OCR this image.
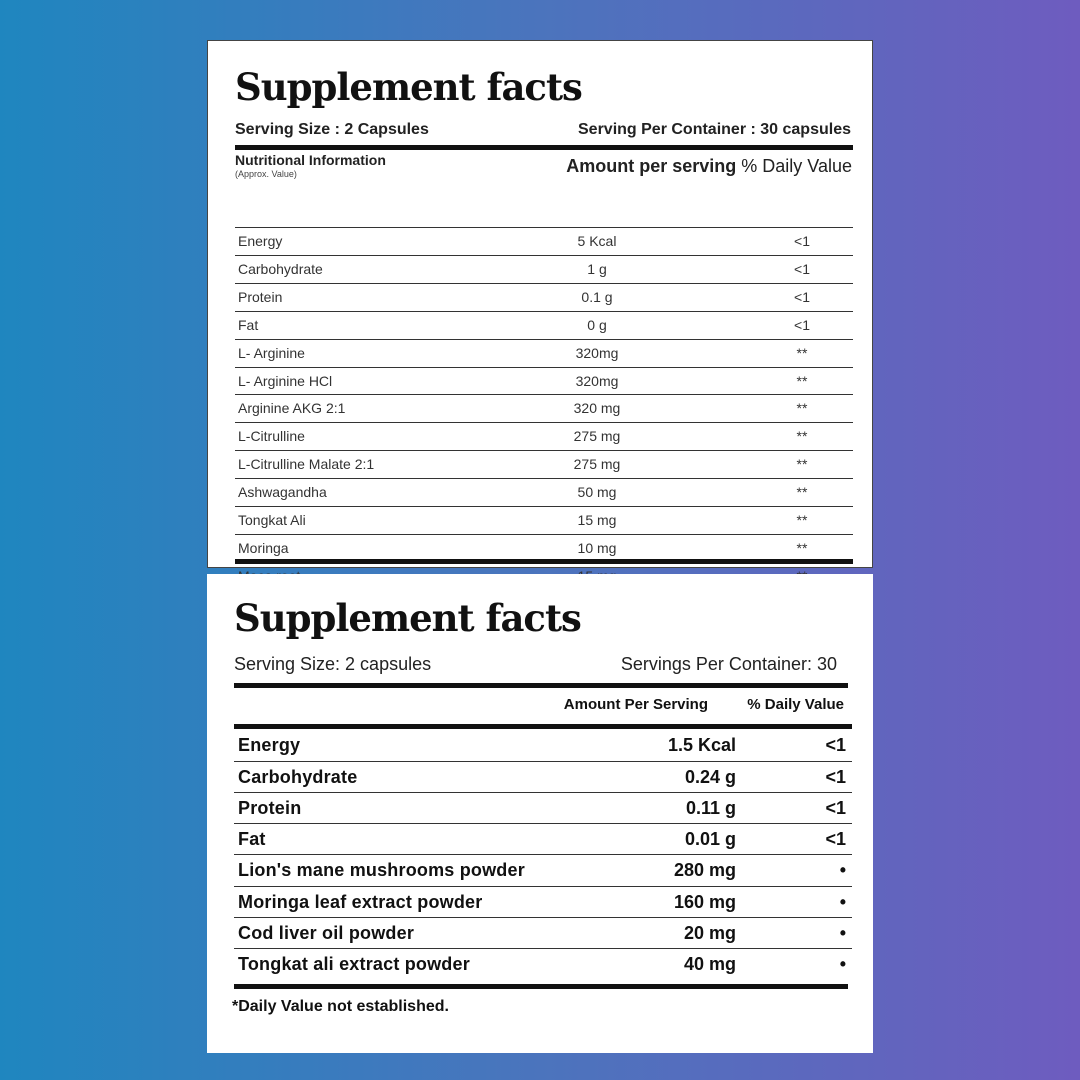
Supplement facts
Serving Size : 2 Capsules	Serving Per Container : 30 capsules
Nutritional Information
(Approx. Value)	Amount per serving % Daily Value
Energy	5 Kcal	<1
Carbohydrate	1 g	<1
Protein	0.1 g	<1
Fat	0 g	<1
L- Arginine	320mg	**
L- Arginine HCl	320mg	**
Arginine AKG 2:1	320 mg	**
L-Citrulline	275 mg	**
L-Citrulline Malate 2:1	275 mg	**
Ashwagandha	50 mg	**
Tongkat Ali	15 mg	**
Moringa	10 mg	**
Supplement facts
Serving Size: 2 capsules	Servings Per Container: 30
Amount Per Serving	% Daily Value
Energy	1.5 Kcal	<1
Carbohydrate	0.24 g	<1
Protein	0.11 g	<1
Fat	0.01 g	<1
Lion's mane mushrooms powder	280 mg	•
Moringa leaf extract powder	160 mg	•
Cod liver oil powder	20 mg	•
Tongkat ali extract powder	40 mg	•
*Daily Value not established.
